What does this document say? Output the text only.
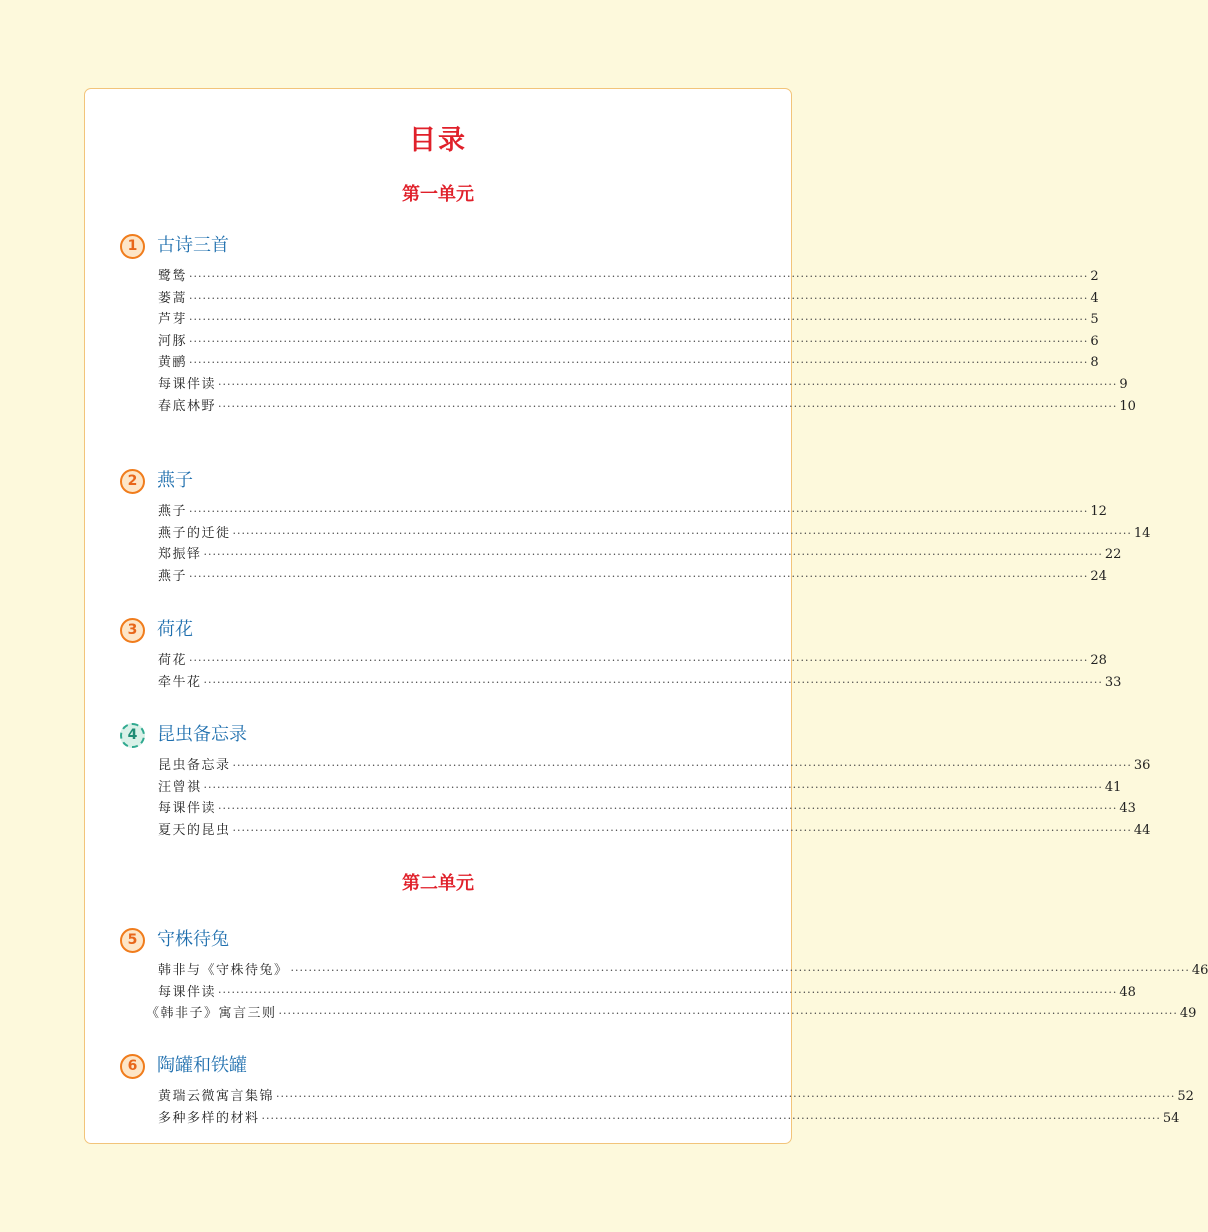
目录
第一单元
1	古诗三首
鹭鸶 ········································································································································································································ 2
蒌蒿 ········································································································································································································ 4
芦芽 ········································································································································································································ 5
河豚 ········································································································································································································ 6
黄鹂 ········································································································································································································ 8
每课伴读 ········································································································································································································ 9
春底林野 ········································································································································································································ 10
2	燕子
燕子 ········································································································································································································ 12
燕子的迁徙 ········································································································································································································ 14
郑振铎 ········································································································································································································ 22
燕子 ········································································································································································································ 24
3	荷花
荷花 ········································································································································································································ 28
牵牛花 ········································································································································································································ 33
4	昆虫备忘录
昆虫备忘录 ········································································································································································································ 36
汪曾祺 ········································································································································································································ 41
每课伴读 ········································································································································································································ 43
夏天的昆虫 ········································································································································································································ 44
第二单元
5	守株待兔
韩非与《守株待兔》 ········································································································································································································ 46
每课伴读 ········································································································································································································ 48
《韩非子》寓言三则 ········································································································································································································ 49
6	陶罐和铁罐
黄瑞云微寓言集锦 ········································································································································································································ 52
多种多样的材料 ········································································································································································································ 54
